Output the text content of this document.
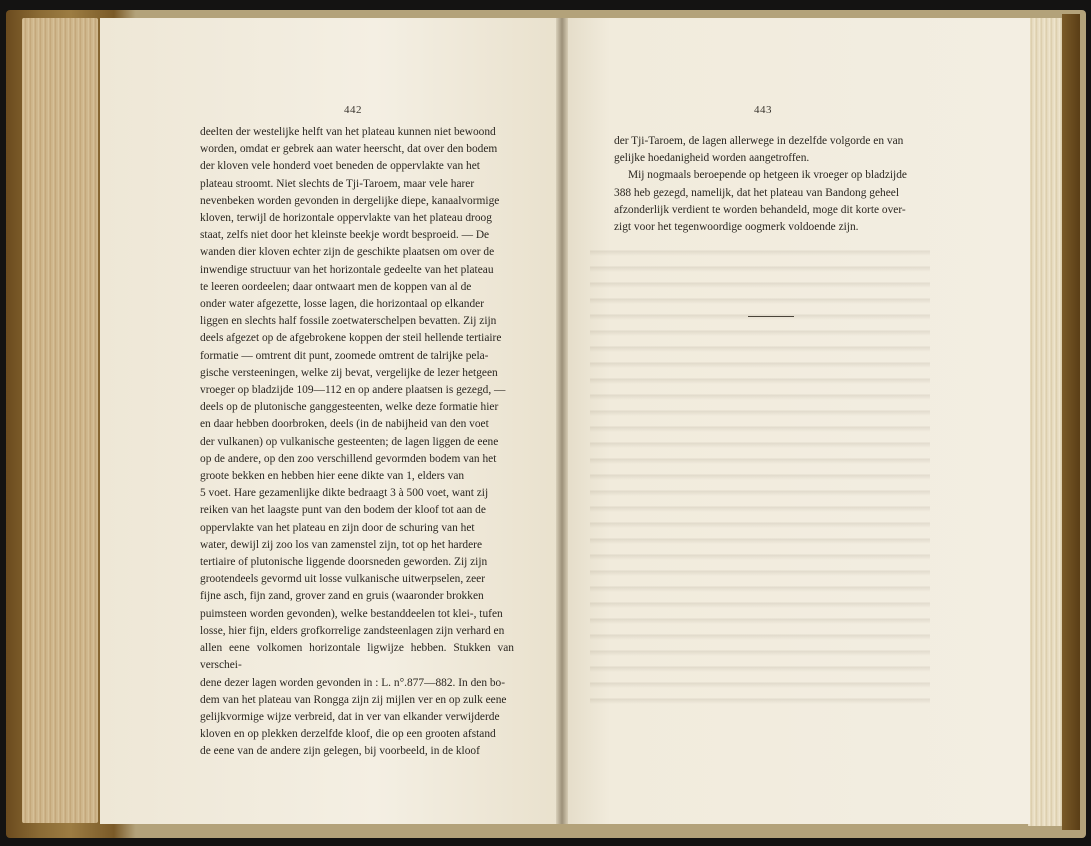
442	443

deelten der westelijke helft van het plateau kunnen niet bewoond

worden, omdat er gebrek aan water heerscht, dat over den bodem

der kloven vele honderd voet beneden de oppervlakte van het

plateau stroomt. Niet slechts de Tji-Taroem, maar vele harer

nevenbeken worden gevonden in dergelijke diepe, kanaalvormige

kloven, terwijl de horizontale oppervlakte van het plateau droog

staat, zelfs niet door het kleinste beekje wordt besproeid. — De

wanden dier kloven echter zijn de geschikte plaatsen om over de

inwendige structuur van het horizontale gedeelte van het plateau

te leeren oordeelen; daar ontwaart men de koppen van al de

onder water afgezette, losse lagen, die horizontaal op elkander

liggen en slechts half fossile zoetwaterschelpen bevatten. Zij zijn

deels afgezet op de afgebrokene koppen der steil hellende tertiaire

formatie — omtrent dit punt, zoomede omtrent de talrijke pela-

gische versteeningen, welke zij bevat, vergelijke de lezer hetgeen

vroeger op bladzijde 109—112 en op andere plaatsen is gezegd, —

deels op de plutonische ganggesteenten, welke deze formatie hier

en daar hebben doorbroken, deels (in de nabijheid van den voet

der vulkanen) op vulkanische gesteenten; de lagen liggen de eene

op de andere, op den zoo verschillend gevormden bodem van het

groote bekken en hebben hier eene dikte van 1, elders van

5 voet. Hare gezamenlijke dikte bedraagt 3 à 500 voet, want zij

reiken van het laagste punt van den bodem der kloof tot aan de

oppervlakte van het plateau en zijn door de schuring van het

water, dewijl zij zoo los van zamenstel zijn, tot op het hardere

tertiaire of plutonische liggende doorsneden geworden. Zij zijn

grootendeels gevormd uit losse vulkanische uitwerpselen, zeer

fijne asch, fijn zand, grover zand en gruis (waaronder brokken

puimsteen worden gevonden), welke bestanddeelen tot klei-, tufen

losse, hier fijn, elders grofkorrelige zandsteenlagen zijn verhard en

allen eene volkomen horizontale ligwijze hebben. Stukken van verschei-

dene dezer lagen worden gevonden in : L. n°.877—882. In den bo-

dem van het plateau van Rongga zijn zij mijlen ver en op zulk eene

gelijkvormige wijze verbreid, dat in ver van elkander verwijderde

kloven en op plekken derzelfde kloof, die op een grooten afstand

de eene van de andere zijn gelegen, bij voorbeeld, in de kloof

der Tji-Taroem, de lagen allerwege in dezelfde volgorde en van

gelijke hoedanigheid worden aangetroffen.

Mij nogmaals beroepende op hetgeen ik vroeger op bladzijde

388 heb gezegd, namelijk, dat het plateau van Bandong geheel

afzonderlijk verdient te worden behandeld, moge dit korte over-

zigt voor het tegenwoordige oogmerk voldoende zijn.
